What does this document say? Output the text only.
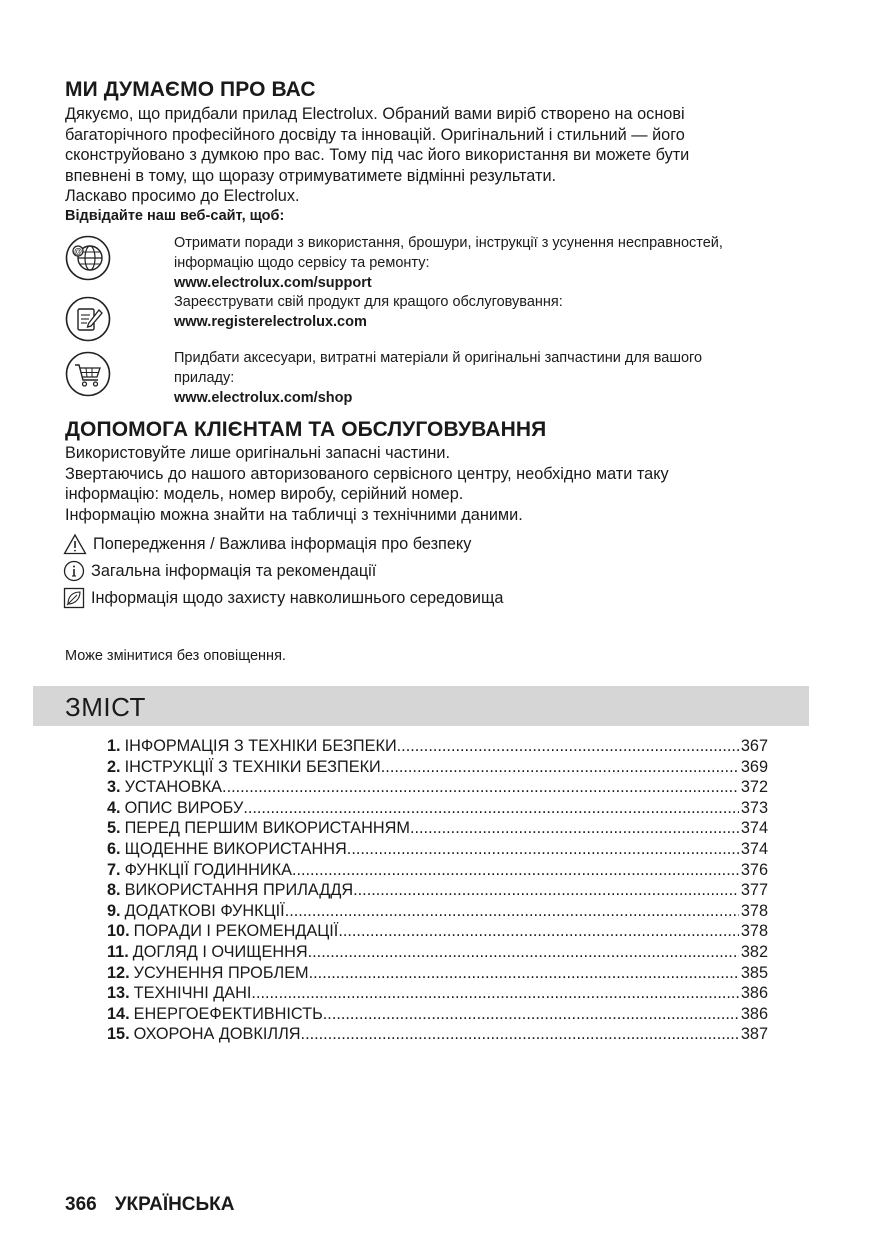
МИ ДУМАЄМО ПРО ВАС
Дякуємо, що придбали прилад Electrolux. Обраний вами виріб створено на основі
багаторічного професійного досвіду та інновацій. Оригінальний і стильний — його
сконструйовано з думкою про вас. Тому під час його використання ви можете бути
впевнені в тому, що щоразу отримуватимете відмінні результати.
Ласкаво просимо до Electrolux.
Відвідайте наш веб-сайт, щоб:
@
Отримати поради з використання, брошури, інструкції з усунення несправностей,
інформацію щодо сервісу та ремонту:
www.electrolux.com/support
Зареєструвати свій продукт для кращого обслуговування:
www.registerelectrolux.com
Придбати аксесуари, витратні матеріали й оригінальні запчастини для вашого
приладу:
www.electrolux.com/shop
ДОПОМОГА КЛІЄНТАМ ТА ОБСЛУГОВУВАННЯ
Використовуйте лише оригінальні запасні частини.
Звертаючись до нашого авторизованого сервісного центру, необхідно мати таку
інформацію: модель, номер виробу, серійний номер.
Інформацію можна знайти на табличці з технічними даними.
Попередження / Важлива інформація про безпеку
Загальна інформація та рекомендації
Інформація щодо захисту навколишнього середовища
Може змінитися без оповіщення.
ЗМІСТ
1. ІНФОРМАЦІЯ З ТЕХНІКИ БЕЗПЕКИ .....	367
2. ІНСТРУКЦІЇ З ТЕХНІКИ БЕЗПЕКИ .....	369
3. УСТАНОВКА .....	372
4. ОПИС ВИРОБУ .....	373
5. ПЕРЕД ПЕРШИМ ВИКОРИСТАННЯМ .....	374
6. ЩОДЕННЕ ВИКОРИСТАННЯ .....	374
7. ФУНКЦІЇ ГОДИННИКА .....	376
8. ВИКОРИСТАННЯ ПРИЛАДДЯ .....	377
9. ДОДАТКОВІ ФУНКЦІЇ .....	378
10. ПОРАДИ І РЕКОМЕНДАЦІЇ .....	378
11. ДОГЛЯД І ОЧИЩЕННЯ .....	382
12. УСУНЕННЯ ПРОБЛЕМ .....	385
13. ТЕХНІЧНІ ДАНІ .....	386
14. ЕНЕРГОЕФЕКТИВНІСТЬ .....	386
15. ОХОРОНА ДОВКІЛЛЯ .....	387
366 УКРАЇНСЬКА
